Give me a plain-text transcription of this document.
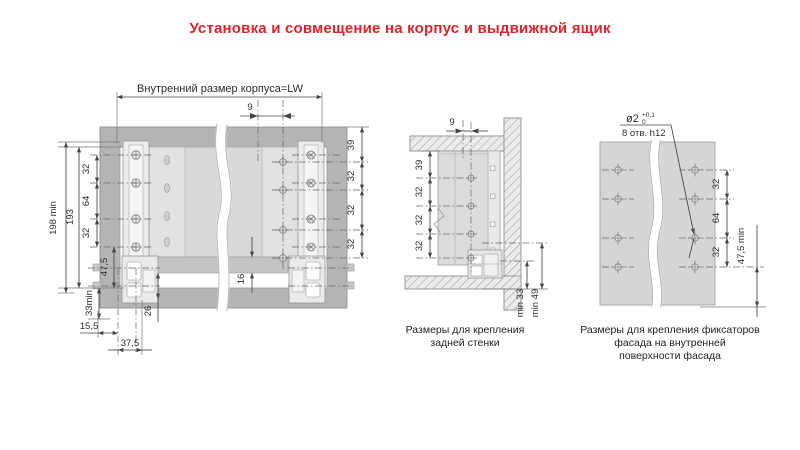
Установка и совмещение на корпус и выдвижной ящик
Внутренний размер корпуса=LW
9
32
64
32
198 min 193
47,5
33min
15,5
37,5
26
16
39
32
32
32
9
39
32
32
32
min 33 min 49
ø2 +0,1
0
8 отв. h12
32
64
32 47,5 min
Размеры для крепления
задней стенки
Размеры для крепления фиксаторов
фасада на внутренней
поверхности фасада
